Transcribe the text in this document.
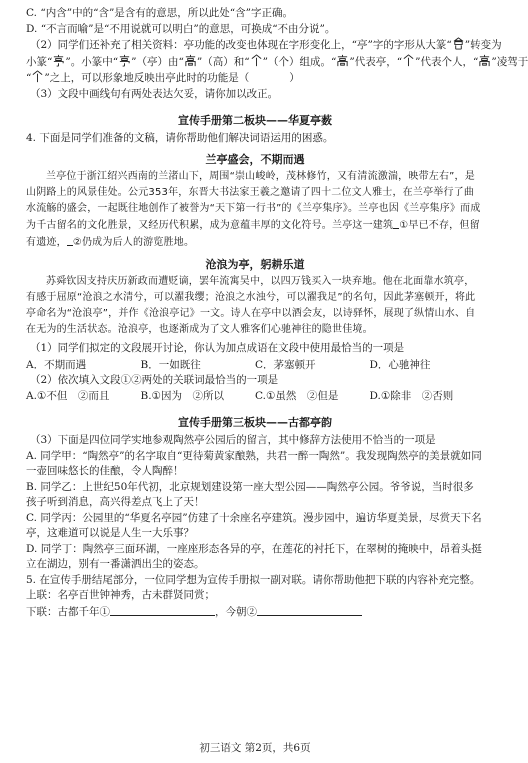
C. “内含”中的“含”是含有的意思，所以此处“含”字正确。

D. “不言而喻”是“不用说就可以明白”的意思，可换成“不由分说”。

（2）同学们还补充了相关资料：亭功能的改变也体现在字形变化上，“亭”字的字形从大篆“ ”转变为

小篆“ ”。小篆中“ ”（亭）由“ ”（高）和“ ”（个）组成。“ ”代表亭，“ ”代表个人，“ ”凌驾于

“ ”之上，可以形象地反映出亭此时的功能是（	）

（3）文段中画线句有两处表达欠妥，请你加以改正。

宣传手册第二板块——华夏亭薮

4. 下面是同学们准备的文稿，请你帮助他们解决词语运用的困惑。

兰亭盛会，不期而遇

兰亭位于浙江绍兴西南的兰渚山下，周围“崇山峻岭，茂林修竹，又有清流激湍，映带左右”，是山阴路上的风景佳处。公元353年，东晋大书法家王羲之邀请了四十二位文人雅士，在兰亭举行了曲水流觞的盛会，一起既往地创作了被誉为“天下第一行书”的《兰亭集序》。兰亭也因《兰亭集序》而成为千古留名的文化胜景，又经历代积累，成为意蕴丰厚的文化符号。兰亭这一建筑 ①早已不存，但留有遗迹， ②仍成为后人的游览胜地。

沧浪为亭，躬耕乐道

苏舜钦因支持庆历新政而遭贬谪，罢年流寓吴中，以四万钱买入一块弃地。他在北面靠水筑亭，有感于屈原“沧浪之水清兮，可以濯我缨；沧浪之水浊兮，可以濯我足”的名句，因此茅塞顿开，将此亭命名为“沧浪亭”，并作《沧浪亭记》一文。诗人在亭中以酒会友，以诗驿怀，展现了纵情山水、自在无为的生活状态。沧浪亭，也逐渐成为了文人雅客们心驰神往的隐世佳境。

（1）同学们拟定的文段展开讨论，你认为加点成语在文段中使用最恰当的一项是

A．不期而遇	B．一如既往	C．茅塞顿开	D．心驰神往

（2）依次填入文段①②两处的关联词最恰当的一项是

A.①不但　②而且	B.①因为　②所以	C.①虽然　②但是	D.①除非　②否则
宣传手册第三板块——古都亭韵

（3）下面是四位同学实地参观陶然亭公园后的留言，其中修辞方法使用不恰当的一项是

A. 同学甲：“陶然亭”的名字取自“更待菊黄家酿熟，共君一醉一陶然”。我发现陶然亭的美景就如同一壶回味悠长的佳酿，令人陶醉！

B. 同学乙：上世纪50年代初，北京规划建设第一座大型公园——陶然亭公园。爷爷说，当时很多孩子听到消息，高兴得差点飞上了天！

C. 同学丙：公园里的“华夏名亭园”仿建了十余座名亭建筑。漫步园中，遍访华夏美景，尽赏天下名亭，这难道可以说是人生一大乐事？

D. 同学丁：陶然亭三面环湖，一座座形态各异的亭，在莲花的衬托下，在翠树的掩映中，昂着头挺立在湖边，别有一番潇洒出尘的姿态。

5. 在宣传手册结尾部分，一位同学想为宣传手册拟一副对联。请你帮助他把下联的内容补充完整。

上联：名亭百世钟神秀，古未群贤同赏；

下联：古都千年①	，今朝②

初三语文 第2页，共6页
